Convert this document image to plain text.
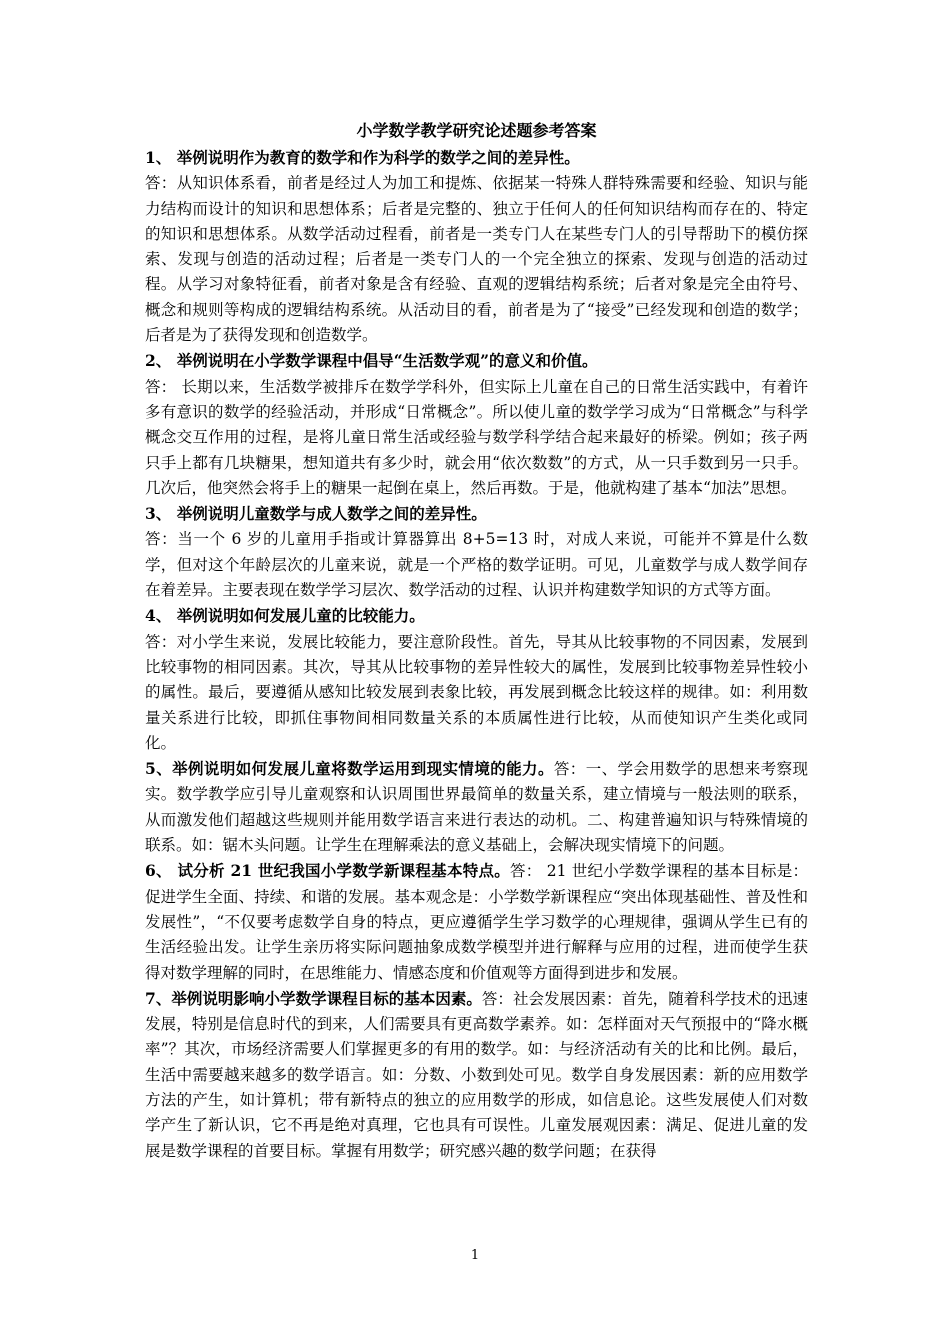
小学数学教学研究论述题参考答案

1、 举例说明作为教育的数学和作为科学的数学之间的差异性。

答：从知识体系看，前者是经过人为加工和提炼、依据某一特殊人群特殊需要和经验、知识与能力结构而设计的知识和思想体系；后者是完整的、独立于任何人的任何知识结构而存在的、特定的知识和思想体系。从数学活动过程看，前者是一类专门人在某些专门人的引导帮助下的模仿探索、发现与创造的活动过程；后者是一类专门人的一个完全独立的探索、发现与创造的活动过程。从学习对象特征看，前者对象是含有经验、直观的逻辑结构系统；后者对象是完全由符号、概念和规则等构成的逻辑结构系统。从活动目的看，前者是为了“接受”已经发现和创造的数学；后者是为了获得发现和创造数学。

2、 举例说明在小学数学课程中倡导“生活数学观”的意义和价值。

答： 长期以来，生活数学被排斥在数学学科外，但实际上儿童在自己的日常生活实践中，有着许多有意识的数学的经验活动，并形成“日常概念”。所以使儿童的数学学习成为“日常概念”与科学概念交互作用的过程，是将儿童日常生活或经验与数学科学结合起来最好的桥梁。例如；孩子两只手上都有几块糖果，想知道共有多少时，就会用“依次数数”的方式，从一只手数到另一只手。几次后，他突然会将手上的糖果一起倒在桌上，然后再数。于是，他就构建了基本“加法”思想。

3、 举例说明儿童数学与成人数学之间的差异性。

答：当一个 6 岁的儿童用手指或计算器算出 8+5=13 时，对成人来说，可能并不算是什么数学，但对这个年龄层次的儿童来说，就是一个严格的数学证明。可见，儿童数学与成人数学间存在着差异。主要表现在数学学习层次、数学活动的过程、认识并构建数学知识的方式等方面。

4、 举例说明如何发展儿童的比较能力。

答：对小学生来说，发展比较能力，要注意阶段性。首先，导其从比较事物的不同因素，发展到比较事物的相同因素。其次，导其从比较事物的差异性较大的属性，发展到比较事物差异性较小的属性。最后，要遵循从感知比较发展到表象比较，再发展到概念比较这样的规律。如：利用数量关系进行比较，即抓住事物间相同数量关系的本质属性进行比较，从而使知识产生类化或同化。

5、举例说明如何发展儿童将数学运用到现实情境的能力。答：一、学会用数学的思想来考察现实。数学教学应引导儿童观察和认识周围世界最简单的数量关系，建立情境与一般法则的联系，从而激发他们超越这些规则并能用数学语言来进行表达的动机。二、构建普遍知识与特殊情境的联系。如：锯木头问题。让学生在理解乘法的意义基础上，会解决现实情境下的问题。

6、 试分析 21 世纪我国小学数学新课程基本特点。答： 21 世纪小学数学课程的基本目标是：促进学生全面、持续、和谐的发展。基本观念是：小学数学新课程应“突出体现基础性、普及性和发展性”，“不仅要考虑数学自身的特点，更应遵循学生学习数学的心理规律，强调从学生已有的生活经验出发。让学生亲历将实际问题抽象成数学模型并进行解释与应用的过程，进而使学生获得对数学理解的同时，在思维能力、情感态度和价值观等方面得到进步和发展。

7、举例说明影响小学数学课程目标的基本因素。答：社会发展因素：首先，随着科学技术的迅速发展，特别是信息时代的到来，人们需要具有更高数学素养。如：怎样面对天气预报中的“降水概率”？其次，市场经济需要人们掌握更多的有用的数学。如：与经济活动有关的比和比例。最后，生活中需要越来越多的数学语言。如：分数、小数到处可见。数学自身发展因素：新的应用数学方法的产生，如计算机；带有新特点的独立的应用数学的形成，如信息论。这些发展使人们对数学产生了新认识，它不再是绝对真理，它也具有可误性。儿童发展观因素：满足、促进儿童的发展是数学课程的首要目标。掌握有用数学；研究感兴趣的数学问题；在获得

1
